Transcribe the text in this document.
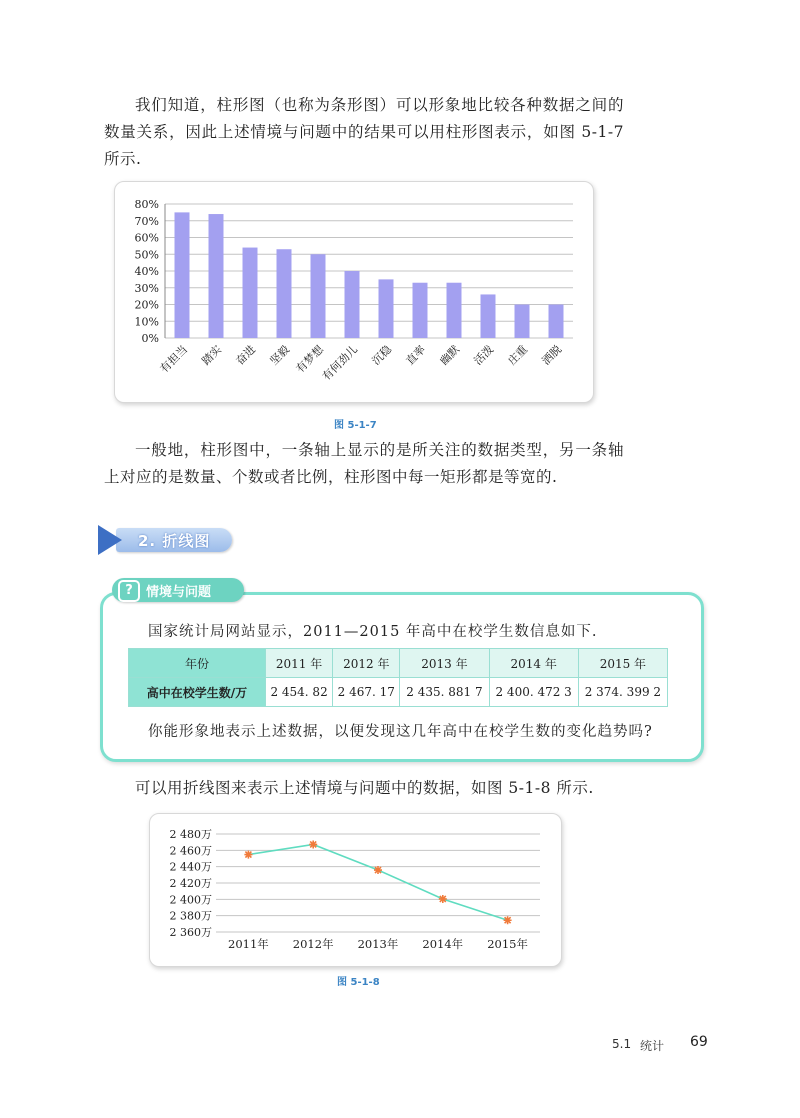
我们知道，柱形图（也称为条形图）可以形象地比较各种数据之间的数量关系，因此上述情境与问题中的结果可以用柱形图表示，如图 5-1-7 所示.

0%
10%
20%
30%
40%
50%
60%
70%
80%
有担当 踏实 奋进 坚毅 有梦想
有何劲儿 沉稳 直率 幽默 活泼 庄重 洒脱
图 5-1-7

一般地，柱形图中，一条轴上显示的是所关注的数据类型，另一条轴上对应的是数量、个数或者比例，柱形图中每一矩形都是等宽的.

2. 折线图
?	情境与问题

国家统计局网站显示，2011—2015 年高中在校学生数信息如下.

年份	2011 年	2012 年	2013 年	2014 年	2015 年
高中在校学生数/万	2 454. 82	2 467. 17	2 435. 881 7	2 400. 472 3	2 374. 399 2

你能形象地表示上述数据，以便发现这几年高中在校学生数的变化趋势吗?

可以用折线图来表示上述情境与问题中的数据，如图 5-1-8 所示.

2 360万
2 380万
2 400万
2 420万
2 440万
2 460万
2 480万
2011年 2012年 2013年 2014年 2015年
图 5-1-8
5.1 统计 69
